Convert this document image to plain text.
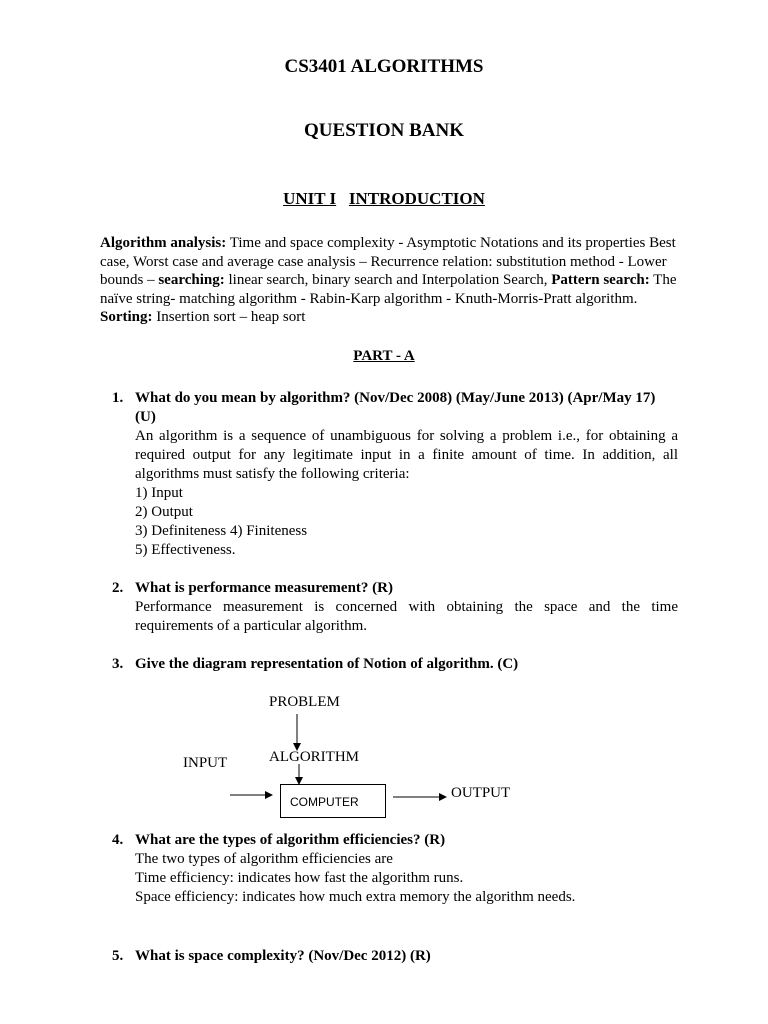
CS3401 ALGORITHMS
QUESTION BANK
UNIT I INTRODUCTION
Algorithm analysis: Time and space complexity - Asymptotic Notations and its properties Best case, Worst case and average case analysis – Recurrence relation: substitution method - Lower bounds – searching: linear search, binary search and Interpolation Search, Pattern search: The naïve string- matching algorithm - Rabin-Karp algorithm - Knuth-Morris-Pratt algorithm. Sorting: Insertion sort – heap sort
PART - A
1. What do you mean by algorithm? (Nov/Dec 2008) (May/June 2013) (Apr/May 17) (U)
An algorithm is a sequence of unambiguous for solving a problem i.e., for obtaining a required output for any legitimate input in a finite amount of time. In addition, all algorithms must satisfy the following criteria:
1) Input
2) Output
3) Definiteness 4) Finiteness
5) Effectiveness.
2. What is performance measurement? (R)
Performance measurement is concerned with obtaining the space and the time requirements of a particular algorithm.
3. Give the diagram representation of Notion of algorithm. (C)
PROBLEM
ALGORITHM
INPUT
COMPUTER
OUTPUT
4. What are the types of algorithm efficiencies? (R)
The two types of algorithm efficiencies are
Time efficiency: indicates how fast the algorithm runs.
Space efficiency: indicates how much extra memory the algorithm needs.
5. What is space complexity? (Nov/Dec 2012) (R)
